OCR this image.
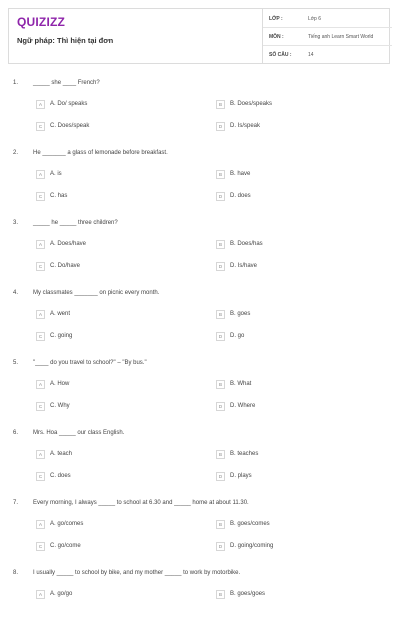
QUIZIZZ
Ngữ pháp: Thì hiện tại đơn
LỚP :	Lớp 6
MÔN :	Tiếng anh Learn Smart World
SỐ CÂU :	14
1. _____ she ____ French?
A	A. Do/ speaks	B	B. Does/speaks
C	C. Does/speak	D	D. Is/speak
2. He _______ a glass of lemonade before breakfast.
A	A. is	B	B. have
C	C. has	D	D. does
3. _____ he _____ three children?
A	A. Does/have	B	B. Does/has
C	C. Do/have	D	D. Is/have
4. My classmates _______ on picnic every month.
A	A. went	B	B. goes
C	C. going	D	D. go
5. "____ do you travel to school?" – "By bus."
A	A. How	B	B. What
C	C. Why	D	D. Where
6. Mrs. Hoa _____ our class English.
A	A. teach	B	B. teaches
C	C. does	D	D. plays
7. Every morning, I always _____ to school at 6.30 and _____ home at about 11.30.
A	A. go/comes	B	B. goes/comes
C	C. go/come	D	D. going/coming
8. I usually _____ to school by bike, and my mother _____ to work by motorbike.
A	A. go/go	B	B. goes/goes
